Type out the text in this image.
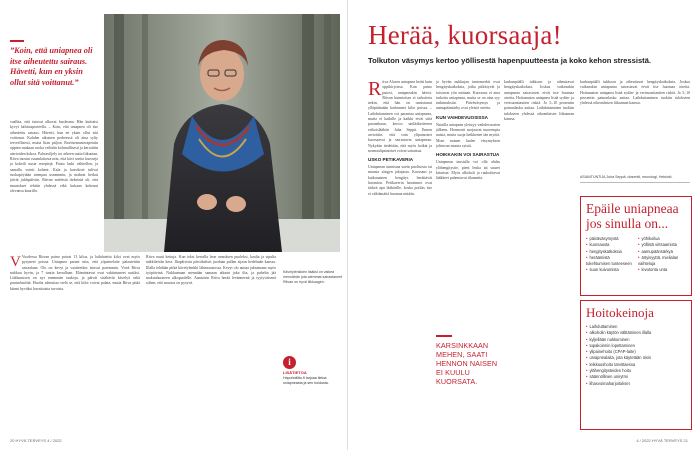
”Koin, että uniapnea oli itse aiheutettu sairaus. Hävetti, kun en yksin ollut sitä voittanut.”
vaalhia, että tutuvat alkovat buolesma. Hän kuittaisi kyvyt lathitusporieella. – Koin, että uniapnea oli itse aiheutettu sairaus. Hävetti, kun en yksin ollut sitä voittanut. Kahden aikuisen perheessä oli aina sylty terveellisesti, mutta liian paljon. Ravitsemusterapeutin oppien mukaan ruoka valittiin kohtuullisesti ja kerrattiin aterioiden kokoa. Palstaviljely toi arkeen uutta liikuntaa. Ritva inostui ruuanlaitosta niin, että kävi useita kursseja ja kokeili uusia reseptejä. Paino laski vähitellen, ja samalla vointi koheni. Kala ja kasvikset tulivat ruokapöytään aiempaa useammin, ja makeat herkut jäivät juhlapäiviin. Ritvan mielestä tärkeintä oli, että muutokset tehtiin yhdessä eikä kukaan kokenut olevansa kuurilla.
V Vuodessa Ritvan paino putosi 13 kiloa, ja laihdutettu kilot ovat myös pysyneet poissa. Uniapnea parani niin, että yöpainelaite palautettiin sairaalaan. Olo on kevyt ja vaatteetkin istuvat paremmin. Vireä Ritva nukkuu hyvin, ja 7 tuntia kerrallaan. Elämäntavat ovat vakiintuneet uusiksi. Liikkumisen on nyt enemmän taukoja, ja päivät sisältävät kävelyä sekä puutarhatöitä. Huolta aiheuttaa vielä se, että kilot voivat palata, mutta Ritva pitää kiinni hyväksi havaituista tavoista.
Ritva nauti kettuja. Kun teksi kerrallа leon annoksen puoleksi, kaalia ja sipulia näkkileivän kera. Iltapäivisin päiväkahvit juodaan pullan sijaan hedelmän kanssa. Illalla tehdään pitkä kävelylenkki lähimaastossa. Kevyt olo auttaa jaksamaan myös työpäivinä. Nukkumaan mennään samaan aikaan joka ilta, ja puhelin jää makuuhuoneen ulkopuolelle. Aamuisin Ritva herää levänneenä ja tyytyväisenä siihen, että muutos on pysyvä.
Kävelylenkkien lisäksi on vaikea mennähän jota aiemmat sairastaneet Ritvan on hyvä liikkuagen.
i
LISÄTIETOA
Hapuholiitto.fi tarjoaa tietoa uniapneasta ja sen hoidosta.
20 HYVÄ TERVEYS 4 / 2022
Herää, kuorsaaja!
Tolkuton väsymys kertoo yöllisestä hapenpuutteesta ja koko kehon stressistä.
Ritva Alosen uniapnea heitti kuin oppikirjoissa. Kun paino putosi, uniapneakin hävisi. Ritvan kunnioitan ei tarkoiteta nekin, että hän on onnistunut ylläpitämään kadonneet kilot poissa. – Laihduttaminen voi parantaa uniapneaa, mutta ei kaikille ja kaikki eivät siitä paranekaan, kertoo unilääketieteen erikoislääkäri Juha Seppä. Ennen arvioitiin, että vain ylipainoiset kuorsaavat ja sairastavat uniapneaa. Nykyään tiedetään, että myös hoikat ja normaalipainoiset voivat sairastua.
USKO PETIKAVERIA
Uniapnean tunnistaa usein puolisosta tai muusta sängyn jakajasta. Kuorsaus ja katkonainen hengitys herättävät huomion. Petikaverin havainnot ovat tärkeä apu lääkärille, koska potilas itse ei välttämättä huomaa mitään.
ja hyvän nukkujan tuntomerkit ovat hengityskatkoksia, jotka pitkittyvät ja toistuvat yön mittaan. Kuorsaus ei aina tarkoita uniapneaa, mutta se on aina syy tutkimuksiin. Päiväväsymys ja aamupäänsärky ovat yleisiä oireita.
KUN VAIHDEVUOSISSA
Naisilla uniapnea yleistyy vaihdevuosien jälkeen. Hormonit suojaavat nuorempia naisia, mutta suoja heikkenee iän myötä. Moni nainen luulee väsymyksen johtuvan muista syistä.
HOIKKAKIN VOI SAIRASTUA
Uniapnean taustalla voi olla ahdas ylähengitystie, pieni leuka tai suuret kitarisat. Myös alkoholi ja rauhoittavat lääkkeet pahentavat tilannetta.
KARSINKKAAN MEHEN, SAATI HENNON NAISEN EI KUULU KUORSATA.
kurkunpäälli tukkoon ja aiheuttavat hengityskatkoksia. Joskus vaikeaakin uniapneaa sairastavat eivät itse huomaa oireita. Hoitamaton uniapnea lisää sydän- ja verisuonitautien riskiä. Jo 5–10 prosentin painonlasku auttaa. Laihduttaminen tuokiin tulokseen yhdessä oikeanlaisen liikunnan kanssa.
kurkunpäälli tukkoon ja aiheuttavat hengityskatkoksia. Joskus vaikeaakin uniapneaa sairastavat eivät itse huomaa oireita. Hoitamaton uniapnea lisää sydän- ja verisuonitautien riskiä. Jo 5–10 prosentin painonlasku auttaa. Laihduttaminen tuokiin tulokseen yhdessä oikeanlaisen liikunnan kanssa.
ASIANTUNTIJA Juha Seppä, dosentti, neurologi, Helsinki.
Epäile uniapneaa jos sinulla on...
• päiväväsymystä	• yöhikoilua
• kuorsausta	• yöllistä virtsaamista
• hengityskatkoksia	• aamupäänsärkyä
• heräämistä tukehtumisen tunteeseen
• ärtyisyyttä, mielialan vaihteluja
• suun kuivumista	• levotonta unta
Hoitokeinoja
• Laihduttaminen
• alkoholin käytön välttäminen illalla
• kyljellään nukkuminen
• tupakoinnin lopettaminen
• ylipainehoito (CPAP-laite)
• uniapnealaitа, jota käytetään öisin
• leikkaushoito tarvittaessa
• ylähengitysteiden hoito
• säännöllinen unirytmi
• lihasvoimaharjoitukset
4 / 2022 HYVÄ TERVEYS 21
